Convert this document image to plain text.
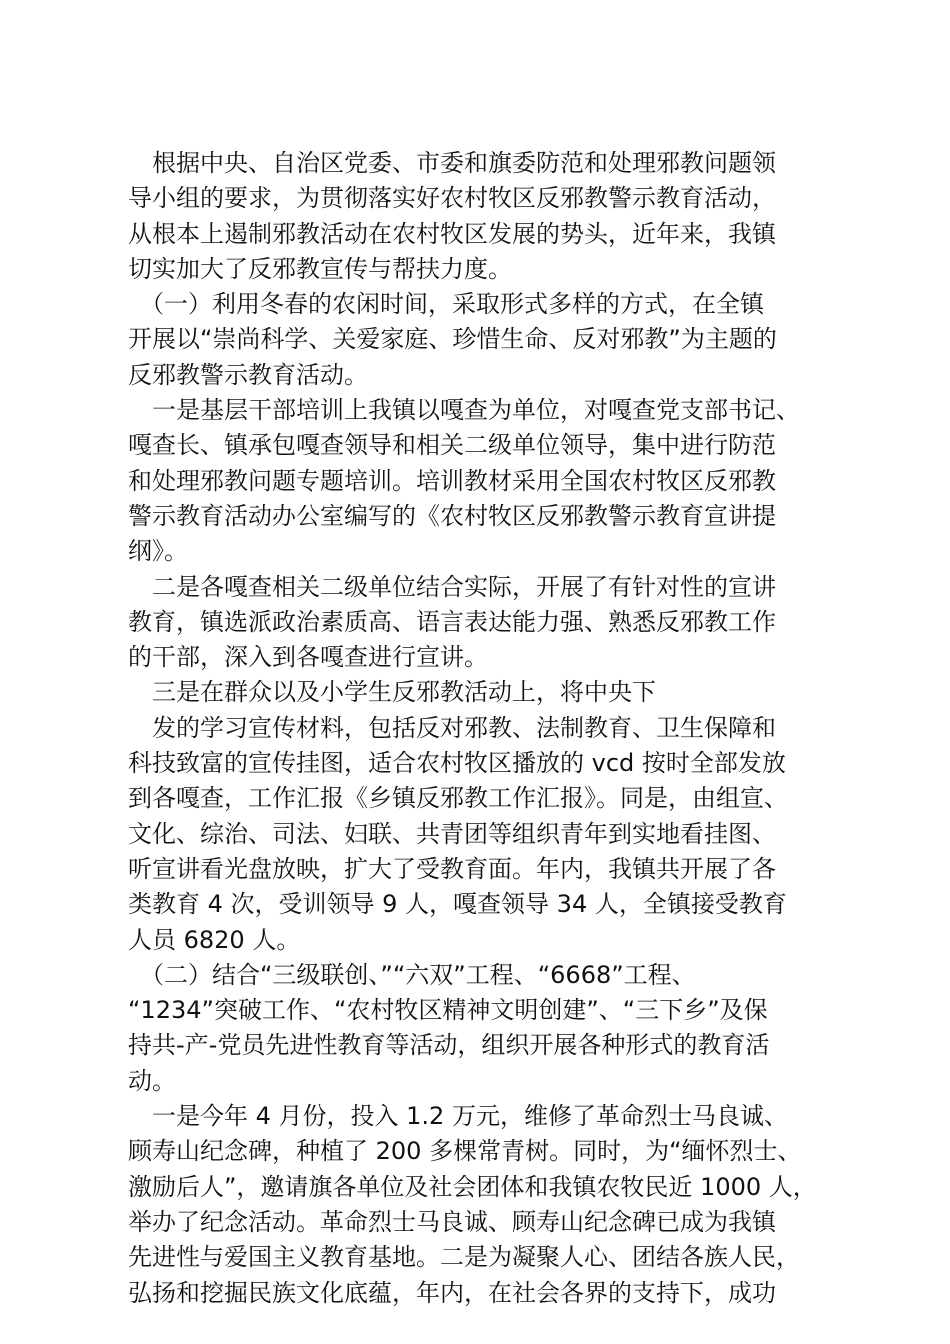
　根据中央、自治区党委、市委和旗委防范和处理邪教问题领
导小组的要求，为贯彻落实好农村牧区反邪教警示教育活动，
从根本上遏制邪教活动在农村牧区发展的势头，近年来，我镇
切实加大了反邪教宣传与帮扶力度。
　（一）利用冬春的农闲时间，采取形式多样的方式，在全镇
开展以“崇尚科学、关爱家庭、珍惜生命、反对邪教”为主题的
反邪教警示教育活动。
　一是基层干部培训上我镇以嘎查为单位，对嘎查党支部书记、
嘎查长、镇承包嘎查领导和相关二级单位领导，集中进行防范
和处理邪教问题专题培训。培训教材采用全国农村牧区反邪教
警示教育活动办公室编写的《农村牧区反邪教警示教育宣讲提
纲》。
　二是各嘎查相关二级单位结合实际，开展了有针对性的宣讲
教育，镇选派政治素质高、语言表达能力强、熟悉反邪教工作
的干部，深入到各嘎查进行宣讲。
　三是在群众以及小学生反邪教活动上，将中央下
　发的学习宣传材料，包括反对邪教、法制教育、卫生保障和
科技致富的宣传挂图，适合农村牧区播放的 vcd 按时全部发放
到各嘎查，工作汇报《乡镇反邪教工作汇报》。同是，由组宣、
文化、综治、司法、妇联、共青团等组织青年到实地看挂图、
听宣讲看光盘放映，扩大了受教育面。年内，我镇共开展了各
类教育 4 次，受训领导 9 人，嘎查领导 34 人，全镇接受教育
人员 6820 人。
　（二）结合“三级联创、”“六双”工程、“6668”工程、
“1234”突破工作、“农村牧区精神文明创建”、“三下乡”及保
持共-产-党员先进性教育等活动，组织开展各种形式的教育活
动。
　一是今年 4 月份，投入 1.2 万元，维修了革命烈士马良诚、
顾寿山纪念碑，种植了 200 多棵常青树。同时，为“缅怀烈士、
激励后人”，邀请旗各单位及社会团体和我镇农牧民近 1000 人，
举办了纪念活动。革命烈士马良诚、顾寿山纪念碑已成为我镇
先进性与爱国主义教育基地。二是为凝聚人心、团结各族人民，
弘扬和挖掘民族文化底蕴，年内，在社会各界的支持下，成功
